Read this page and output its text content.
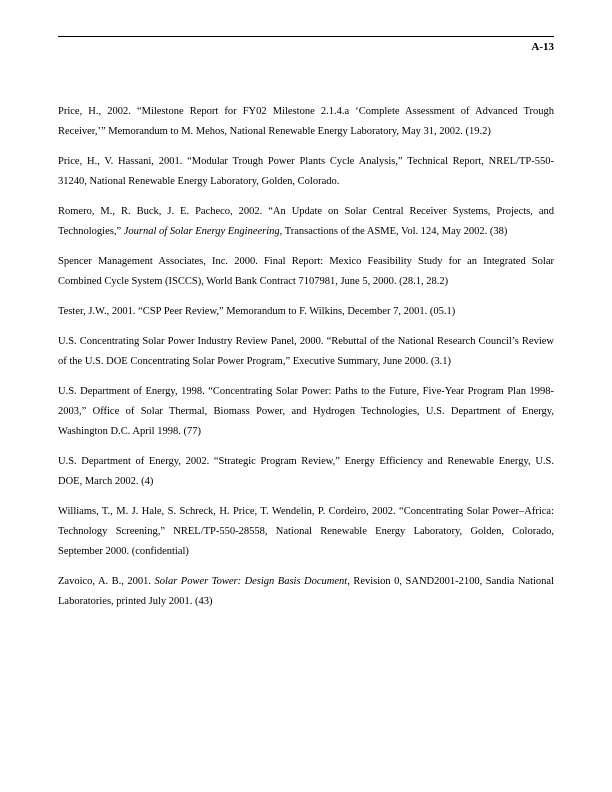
A-13
Price, H., 2002. “Milestone Report for FY02 Milestone 2.1.4.a ‘Complete Assessment of Advanced Trough Receiver,’” Memorandum to M. Mehos, National Renewable Energy Laboratory, May 31, 2002. (19.2)
Price, H., V. Hassani, 2001. “Modular Trough Power Plants Cycle Analysis,” Technical Report, NREL/TP-550-31240, National Renewable Energy Laboratory, Golden, Colorado.
Romero, M., R. Buck, J. E. Pacheco, 2002. “An Update on Solar Central Receiver Systems, Projects, and Technologies,” Journal of Solar Energy Engineering, Transactions of the ASME, Vol. 124, May 2002. (38)
Spencer Management Associates, Inc. 2000. Final Report: Mexico Feasibility Study for an Integrated Solar Combined Cycle System (ISCCS), World Bank Contract 7107981, June 5, 2000. (28.1, 28.2)
Tester, J.W., 2001. “CSP Peer Review,” Memorandum to F. Wilkins, December 7, 2001. (05.1)
U.S. Concentrating Solar Power Industry Review Panel, 2000. “Rebuttal of the National Research Council’s Review of the U.S. DOE Concentrating Solar Power Program,” Executive Summary, June 2000. (3.1)
U.S. Department of Energy, 1998. “Concentrating Solar Power: Paths to the Future, Five-Year Program Plan 1998-2003,” Office of Solar Thermal, Biomass Power, and Hydrogen Technologies, U.S. Department of Energy, Washington D.C. April 1998. (77)
U.S. Department of Energy, 2002. “Strategic Program Review,” Energy Efficiency and Renewable Energy, U.S. DOE, March 2002. (4)
Williams, T., M. J. Hale, S. Schreck, H. Price, T. Wendelin, P. Cordeiro, 2002. “Concentrating Solar Power–Africa: Technology Screening,” NREL/TP-550-28558, National Renewable Energy Laboratory, Golden, Colorado, September 2000. (confidential)
Zavoico, A. B., 2001. Solar Power Tower: Design Basis Document, Revision 0, SAND2001-2100, Sandia National Laboratories, printed July 2001. (43)
